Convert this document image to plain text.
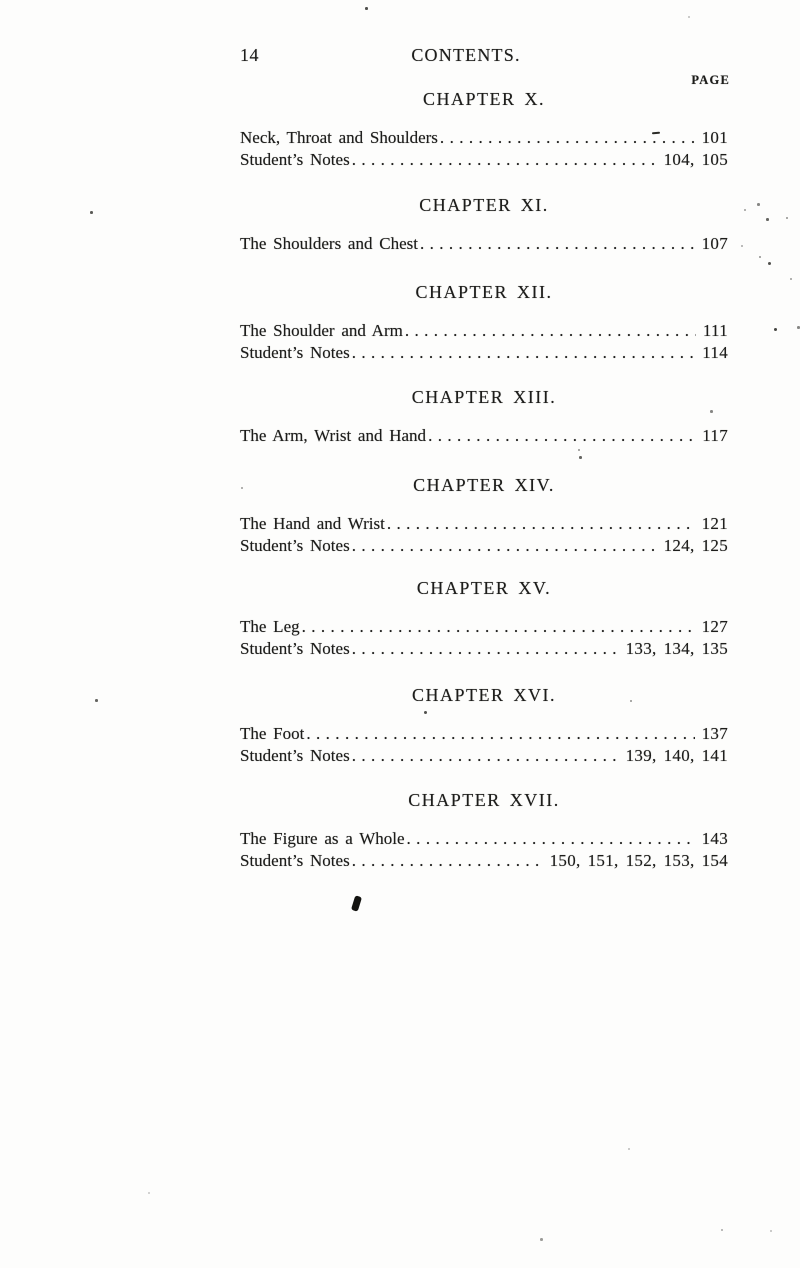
14	CONTENTS.
PAGE
CHAPTER X.
Neck, Throat and Shoulders .....	101
Student’s Notes .....	104, 105
CHAPTER XI.
The Shoulders and Chest .....	107
CHAPTER XII.
The Shoulder and Arm .....	111
Student’s Notes .....	114
CHAPTER XIII.
The Arm, Wrist and Hand .....	117
CHAPTER XIV.
The Hand and Wrist .....	121
Student’s Notes .....	124, 125
CHAPTER XV.
The Leg .....	127
Student’s Notes .....	133, 134, 135
CHAPTER XVI.
The Foot .....	137
Student’s Notes .....	139, 140, 141
CHAPTER XVII.
The Figure as a Whole .....	143
Student’s Notes .....	150, 151, 152, 153, 154
